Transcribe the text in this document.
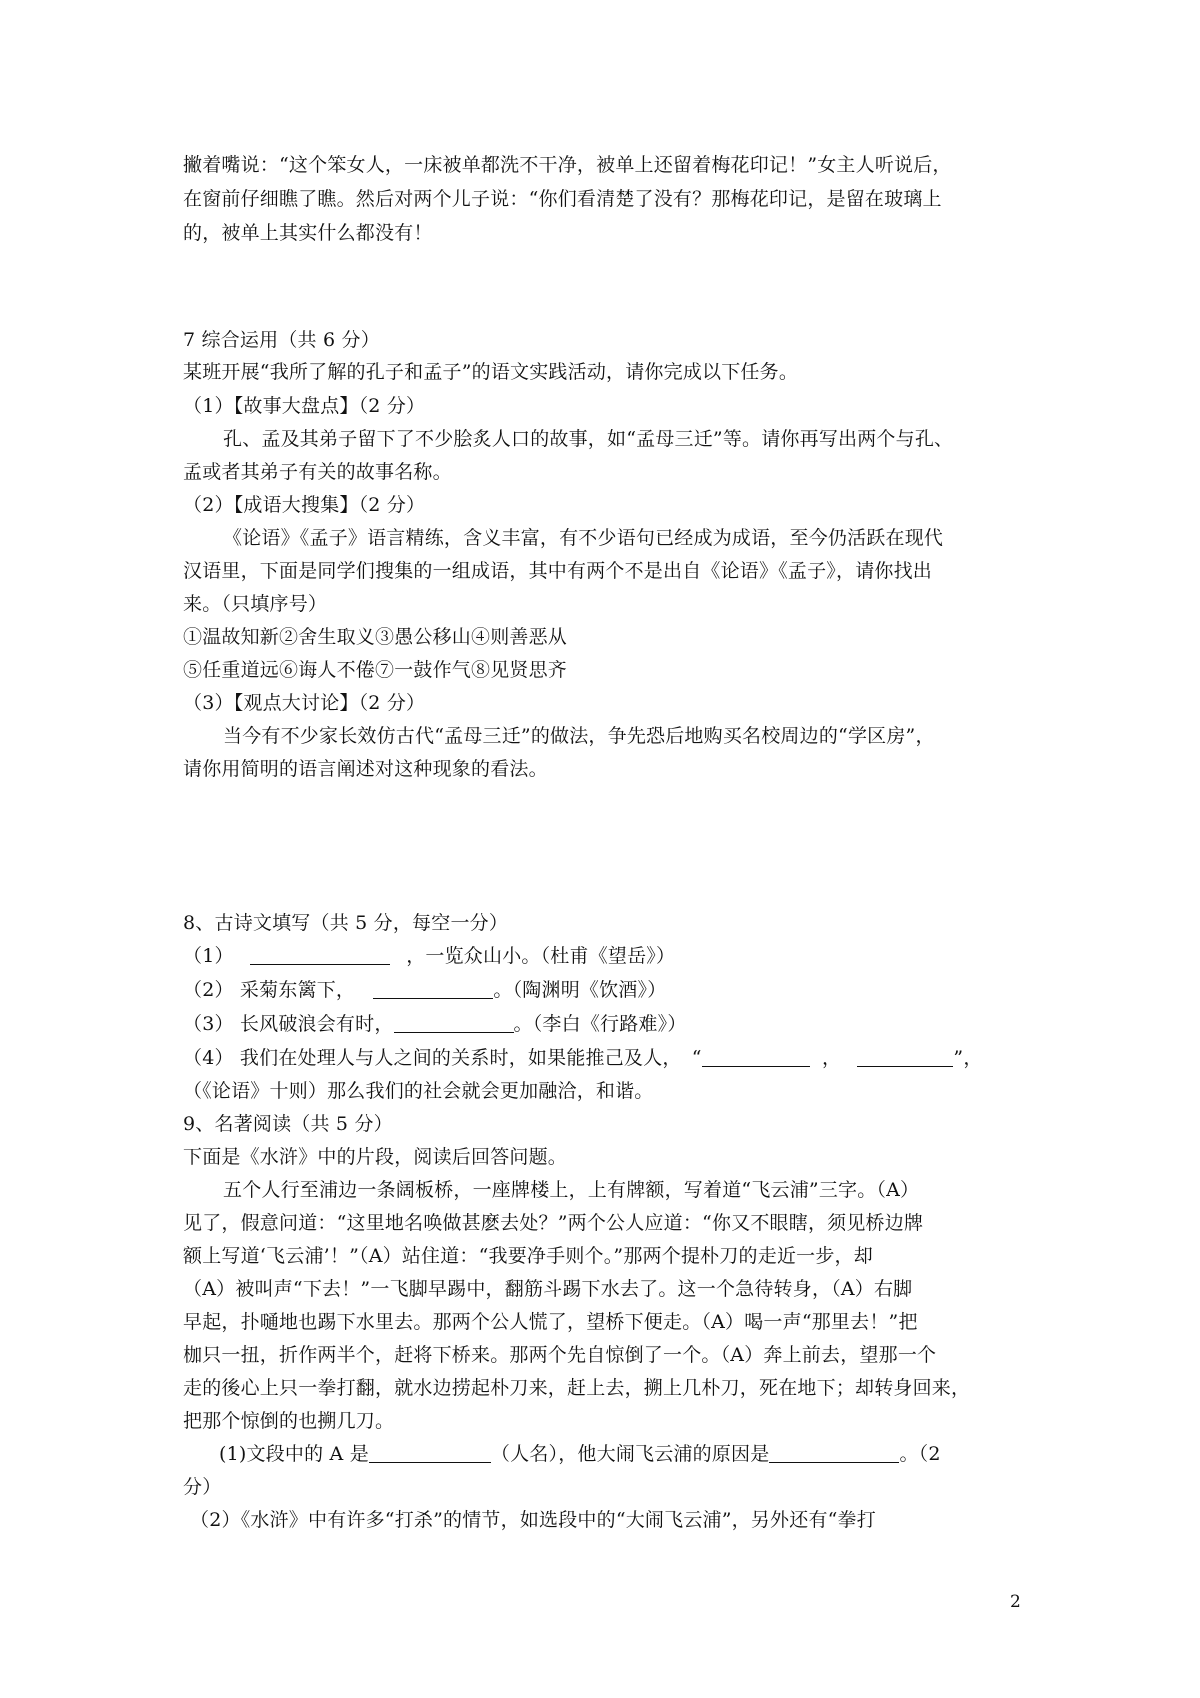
撇着嘴说：“这个笨女人，一床被单都洗不干净，被单上还留着梅花印记！”女主人听说后，
在窗前仔细瞧了瞧。然后对两个儿子说：“你们看清楚了没有？那梅花印记，是留在玻璃上
的，被单上其实什么都没有！
7 综合运用（共 6 分）
某班开展“我所了解的孔子和孟子”的语文实践活动，请你完成以下任务。
（1）【故事大盘点】（2 分）
孔、孟及其弟子留下了不少脍炙人口的故事，如“孟母三迁”等。请你再写出两个与孔、
孟或者其弟子有关的故事名称。
（2）【成语大搜集】（2 分）
《论语》《孟子》语言精练，含义丰富，有不少语句已经成为成语，至今仍活跃在现代
汉语里，下面是同学们搜集的一组成语，其中有两个不是出自《论语》《孟子》，请你找出
来。（只填序号）
①温故知新②舍生取义③愚公移山④则善恶从
⑤任重道远⑥诲人不倦⑦一鼓作气⑧见贤思齐
（3）【观点大讨论】（2 分）
当今有不少家长效仿古代“孟母三迁”的做法，争先恐后地购买名校周边的“学区房”，
请你用简明的语言阐述对这种现象的看法。
8、古诗文填写（共 5 分，每空一分）
（1）	，一览众山小。（杜甫《望岳》）
（2） 采菊东篱下，	。（陶渊明《饮酒》）
（3） 长风破浪会有时，	。（李白《行路难》）
（4） 我们在处理人与人之间的关系时，如果能推己及人， “	，	”，
（《论语》十则）那么我们的社会就会更加融洽，和谐。
9、名著阅读（共 5 分）
下面是《水浒》中的片段，阅读后回答问题。
五个人行至浦边一条阔板桥，一座牌楼上，上有牌额，写着道“飞云浦”三字。（A）
见了，假意问道：“这里地名唤做甚麽去处？”两个公人应道：“你又不眼瞎，须见桥边牌
额上写道‘飞云浦’！”（A）站住道：“我要净手则个。”那两个提朴刀的走近一步，却
（A）被叫声“下去！”一飞脚早踢中，翻筋斗踢下水去了。这一个急待转身，（A）右脚
早起，扑嗵地也踢下水里去。那两个公人慌了，望桥下便走。（A）喝一声“那里去！”把
枷只一扭，折作两半个，赶将下桥来。那两个先自惊倒了一个。（A）奔上前去，望那一个
走的後心上只一拳打翻，就水边捞起朴刀来，赶上去，搠上几朴刀，死在地下；却转身回来，
把那个惊倒的也搠几刀。
(1)文段中的 A 是	（人名），他大闹飞云浦的原因是	。（2
分）
（2）《水浒》中有许多“打杀”的情节，如选段中的“大闹飞云浦”，另外还有“拳打
2
